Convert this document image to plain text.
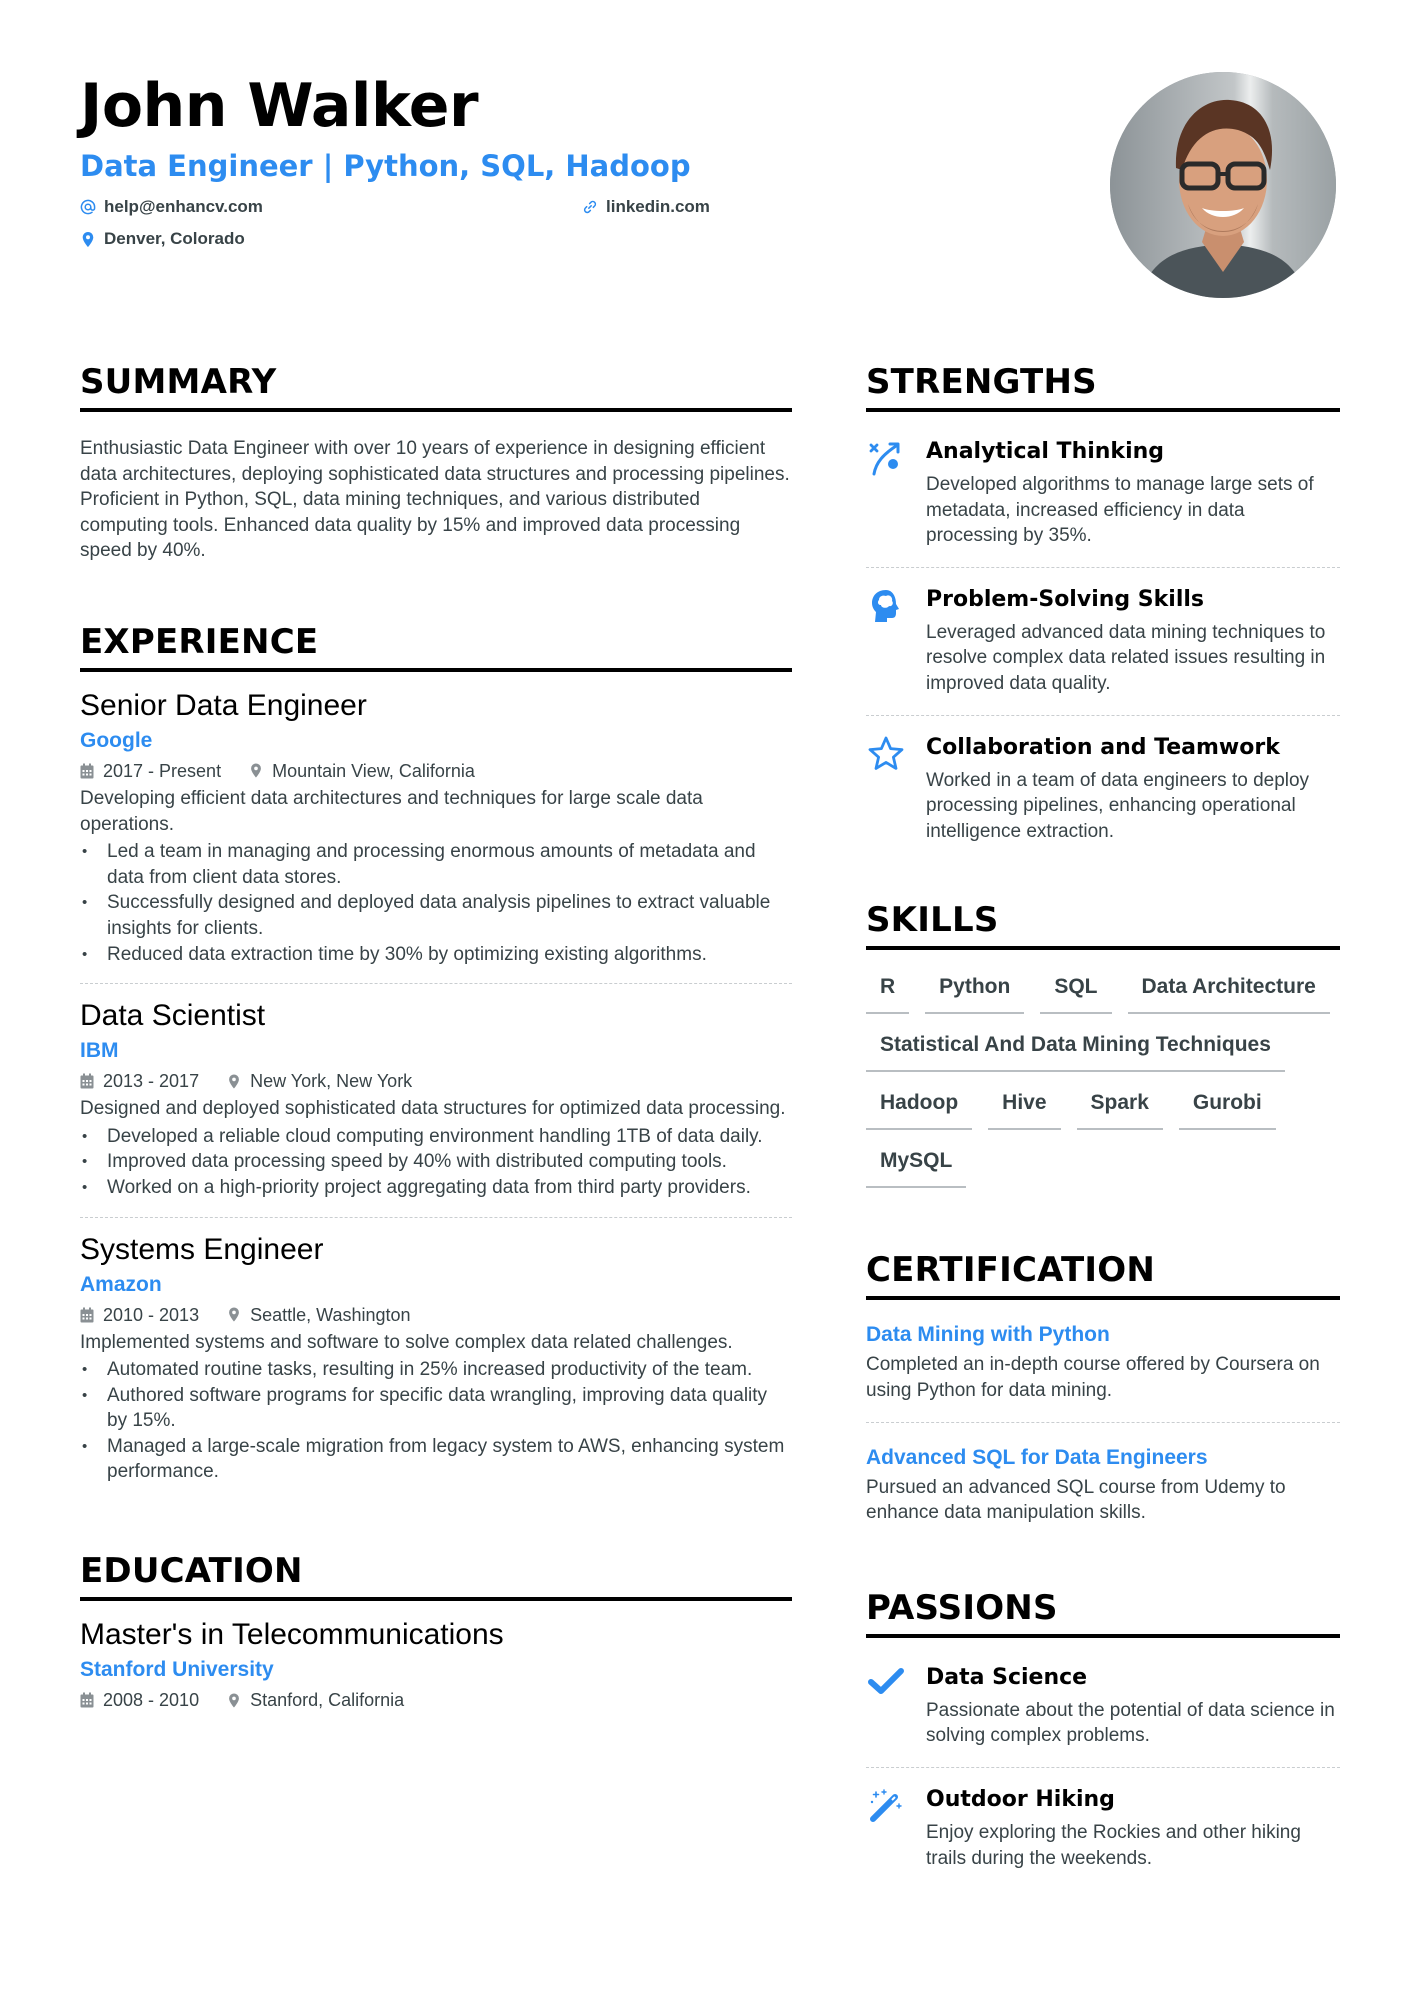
John Walker
Data Engineer | Python, SQL, Hadoop
help@enhancv.com	linkedin.com
Denver, Colorado
SUMMARY

Enthusiastic Data Engineer with over 10 years of experience in designing efficient data architectures, deploying sophisticated data structures and processing pipelines. Proficient in Python, SQL, data mining techniques, and various distributed computing tools. Enhanced data quality by 15% and improved data processing speed by 40%.

EXPERIENCE
Senior Data Engineer
Google
2017 - Present	Mountain View, California

Developing efficient data architectures and techniques for large scale data operations.

• Led a team in managing and processing enormous amounts of metadata and data from client data stores.
• Successfully designed and deployed data analysis pipelines to extract valuable insights for clients.
• Reduced data extraction time by 30% by optimizing existing algorithms.
Data Scientist
IBM
2013 - 2017	New York, New York

Designed and deployed sophisticated data structures for optimized data processing.

• Developed a reliable cloud computing environment handling 1TB of data daily.
• Improved data processing speed by 40% with distributed computing tools.
• Worked on a high-priority project aggregating data from third party providers.
Systems Engineer
Amazon
2010 - 2013	Seattle, Washington

Implemented systems and software to solve complex data related challenges.

• Automated routine tasks, resulting in 25% increased productivity of the team.
• Authored software programs for specific data wrangling, improving data quality by 15%.
• Managed a large-scale migration from legacy system to AWS, enhancing system performance.
EDUCATION
Master's in Telecommunications
Stanford University
2008 - 2010	Stanford, California
STRENGTHS
Analytical Thinking

Developed algorithms to manage large sets of metadata, increased efficiency in data processing by 35%.

Problem-Solving Skills

Leveraged advanced data mining techniques to resolve complex data related issues resulting in improved data quality.

Collaboration and Teamwork

Worked in a team of data engineers to deploy processing pipelines, enhancing operational intelligence extraction.

SKILLS
R	Python	SQL	Data Architecture
Statistical And Data Mining Techniques
Hadoop	Hive	Spark	Gurobi
MySQL
CERTIFICATION
Data Mining with Python

Completed an in-depth course offered by Coursera on using Python for data mining.

Advanced SQL for Data Engineers

Pursued an advanced SQL course from Udemy to enhance data manipulation skills.

PASSIONS
Data Science

Passionate about the potential of data science in solving complex problems.

Outdoor Hiking

Enjoy exploring the Rockies and other hiking trails during the weekends.
